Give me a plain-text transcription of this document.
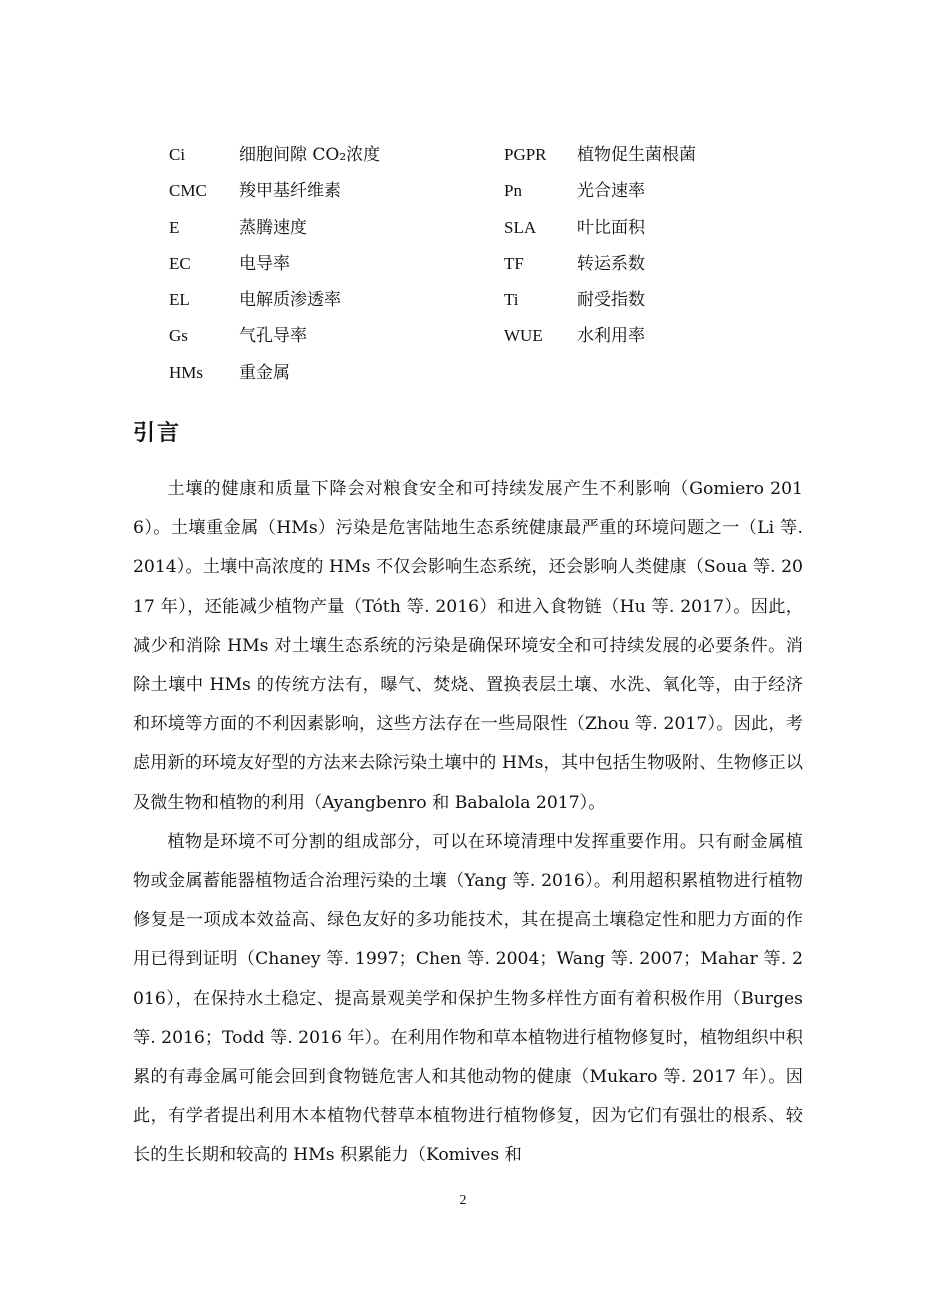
Ci	细胞间隙 CO₂浓度	PGPR 植物促生菌根菌
CMC 羧甲基纤维素	Pn	光合速率
E	蒸腾速度	SLA 叶比面积
EC	电导率	TF	转运系数
EL	电解质渗透率	Ti	耐受指数
Gs	气孔导率	WUE 水利用率
HMs 重金属
引言

土壤的健康和质量下降会对粮食安全和可持续发展产生不利影响（Gomiero 2016）。土壤重金属（HMs）污染是危害陆地生态系统健康最严重的环境问题之一（Li 等. 2014）。土壤中高浓度的 HMs 不仅会影响生态系统，还会影响人类健康（Soua 等. 2017 年），还能减少植物产量（Tóth 等. 2016）和进入食物链（Hu 等. 2017）。因此，减少和消除 HMs 对土壤生态系统的污染是确保环境安全和可持续发展的必要条件。消除土壤中 HMs 的传统方法有，曝气、焚烧、置换表层土壤、水洗、氧化等，由于经济和环境等方面的不利因素影响，这些方法存在一些局限性（Zhou 等. 2017）。因此，考虑用新的环境友好型的方法来去除污染土壤中的 HMs，其中包括生物吸附、生物修正以及微生物和植物的利用（Ayangbenro 和 Babalola 2017）。

植物是环境不可分割的组成部分，可以在环境清理中发挥重要作用。只有耐金属植物或金属蓄能器植物适合治理污染的土壤（Yang 等. 2016）。利用超积累植物进行植物修复是一项成本效益高、绿色友好的多功能技术，其在提高土壤稳定性和肥力方面的作用已得到证明（Chaney 等. 1997；Chen 等. 2004；Wang 等. 2007；Mahar 等. 2016），在保持水土稳定、提高景观美学和保护生物多样性方面有着积极作用（Burges 等. 2016；Todd 等. 2016 年）。在利用作物和草本植物进行植物修复时，植物组织中积累的有毒金属可能会回到食物链危害人和其他动物的健康（Mukaro 等. 2017 年）。因此，有学者提出利用木本植物代替草本植物进行植物修复，因为它们有强壮的根系、较长的生长期和较高的 HMs 积累能力（Komives 和

2
